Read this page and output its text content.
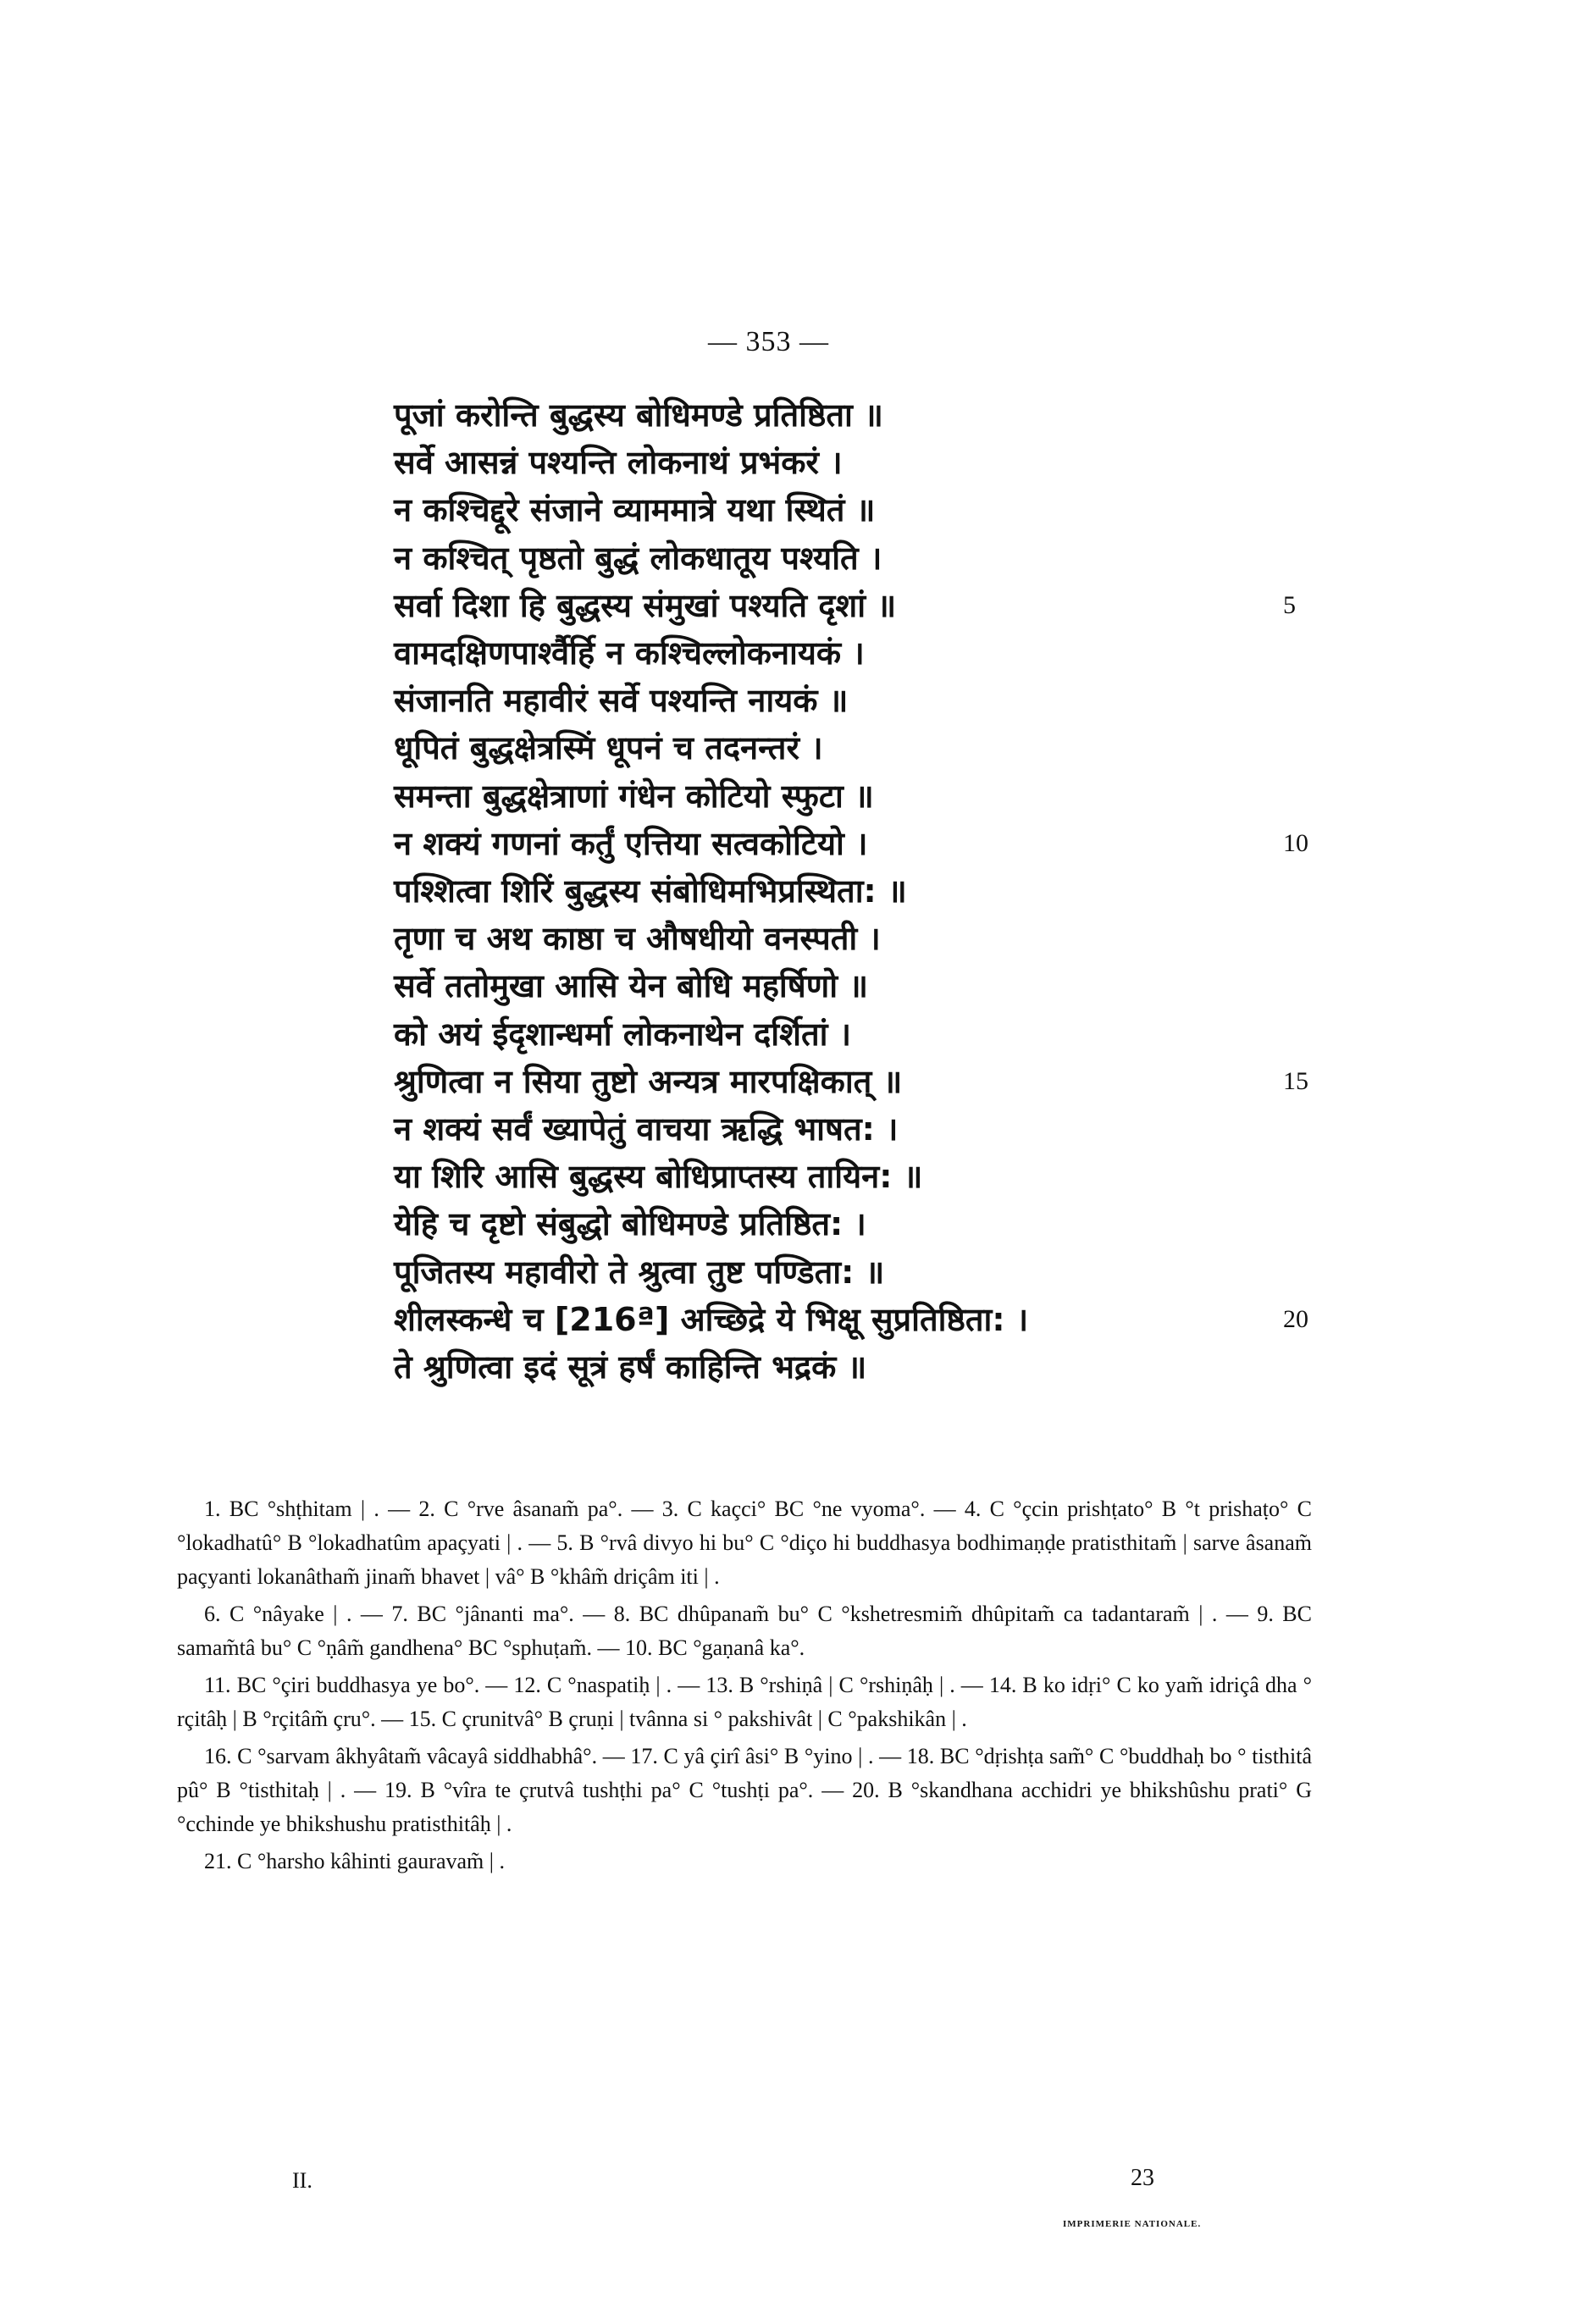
— 353 —
पूजां करोन्ति बुद्धस्य बोधिमण्डे प्रतिष्ठिता ॥
सर्वे आसन्नं पश्यन्ति लोकनाथं प्रभंकरं ।
न कश्चिद्दूरे संजाने व्याममात्रे यथा स्थितं ॥
न कश्चित् पृष्ठतो बुद्धं लोकधातूय पश्यति ।
सर्वा दिशा हि बुद्धस्य संमुखां पश्यति दृशां ॥
वामदक्षिणपार्श्वैर्हि न कश्चिल्लोकनायकं ।
संजानति महावीरं सर्वे पश्यन्ति नायकं ॥
धूपितं बुद्धक्षेत्रस्मिं धूपनं च तदनन्तरं ।
समन्ता बुद्धक्षेत्राणां गंधेन कोटियो स्फुटा ॥
न शक्यं गणनां कर्तुं एत्तिया सत्वकोटियो ।
पश्शित्वा शिरिं बुद्धस्य संबोधिमभिप्रस्थिता: ॥
तृणा च अथ काष्ठा च औषधीयो वनस्पती ।
सर्वे ततोमुखा आसि येन बोधि महर्षिणो ॥
को अयं ईदृशान्धर्मा लोकनाथेन दर्शितां ।
श्रुणित्वा न सिया तुष्टो अन्यत्र मारपक्षिकात् ॥
न शक्यं सर्वं ख्यापेतुं वाचया ऋद्धि भाषत: ।
या शिरि आसि बुद्धस्य बोधिप्राप्तस्य तायिन: ॥
येहि च दृष्टो संबुद्धो बोधिमण्डे प्रतिष्ठित: ।
पूजितस्य महावीरो ते श्रुत्वा तुष्ट पण्डिता: ॥
शीलस्कन्धे च [216ª] अच्छिद्रे ये भिक्षू सुप्रतिष्ठिता: ।
ते श्रुणित्वा इदं सूत्रं हर्षं काहिन्ति भद्रकं ॥
5
10
15
20

1. BC °shṭhitam | . — 2. C °rve âsanam̃ pa°. — 3. C kaçci° BC °ne vyoma°. — 4. C °çcin prishṭato° B °t prishaṭo° C °lokadhatû° B °lokadhatûm apaçyati | . — 5. B °rvâ divyo hi bu° C °diço hi buddhasya bodhimaṇḍe pratisthitam̃ | sarve âsanam̃ paçyanti lokanâtham̃ jinam̃ bhavet | vâ° B °khâm̃ driçâm iti | .

6. C °nâyake | . — 7. BC °jânanti ma°. — 8. BC dhûpanam̃ bu° C °kshetresmim̃ dhûpitam̃ ca tadantaram̃ | . — 9. BC samam̃tâ bu° C °ṇâm̃ gandhena° BC °sphuṭam̃. — 10. BC °gaṇanâ ka°.

11. BC °çiri buddhasya ye bo°. — 12. C °naspatiḥ | . — 13. B °rshiṇâ | C °rshiṇâḥ | . — 14. B ko idṛi° C ko yam̃ idriçâ dha ° rçitâḥ | B °rçitâm̃ çru°. — 15. C çrunitvâ° B çruṇi | tvânna si ° pakshivât | C °pakshikân | .

16. C °sarvam âkhyâtam̃ vâcayâ siddhabhâ°. — 17. C yâ çirî âsi° B °yino | . — 18. BC °dṛishṭa sam̃° C °buddhaḥ bo ° tisthitâ pû° B °tisthitaḥ | . — 19. B °vîra te çrutvâ tushṭhi pa° C °tushṭi pa°. — 20. B °skandhana acchidri ye bhikshûshu prati° G °cchinde ye bhikshushu pratisthitâḥ | .

21. C °harsho kâhinti gauravam̃ | .

II.	23
IMPRIMERIE NATIONALE.
